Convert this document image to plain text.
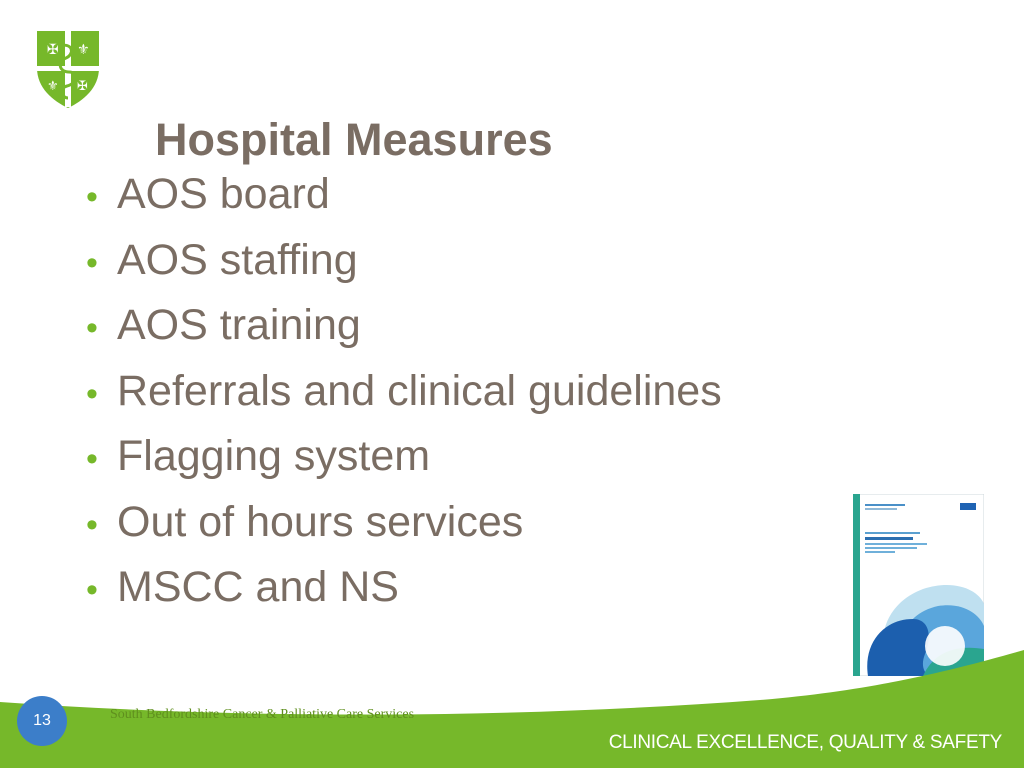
✠ ⚜
⚜ ✠
Hospital Measures
• AOS board
• AOS staffing
• AOS training
• Referrals and clinical guidelines
• Flagging system
• Out of hours services
• MSCC and NS
13	South Bedfordshire Cancer & Palliative Care Services
CLINICAL EXCELLENCE, QUALITY & SAFETY
